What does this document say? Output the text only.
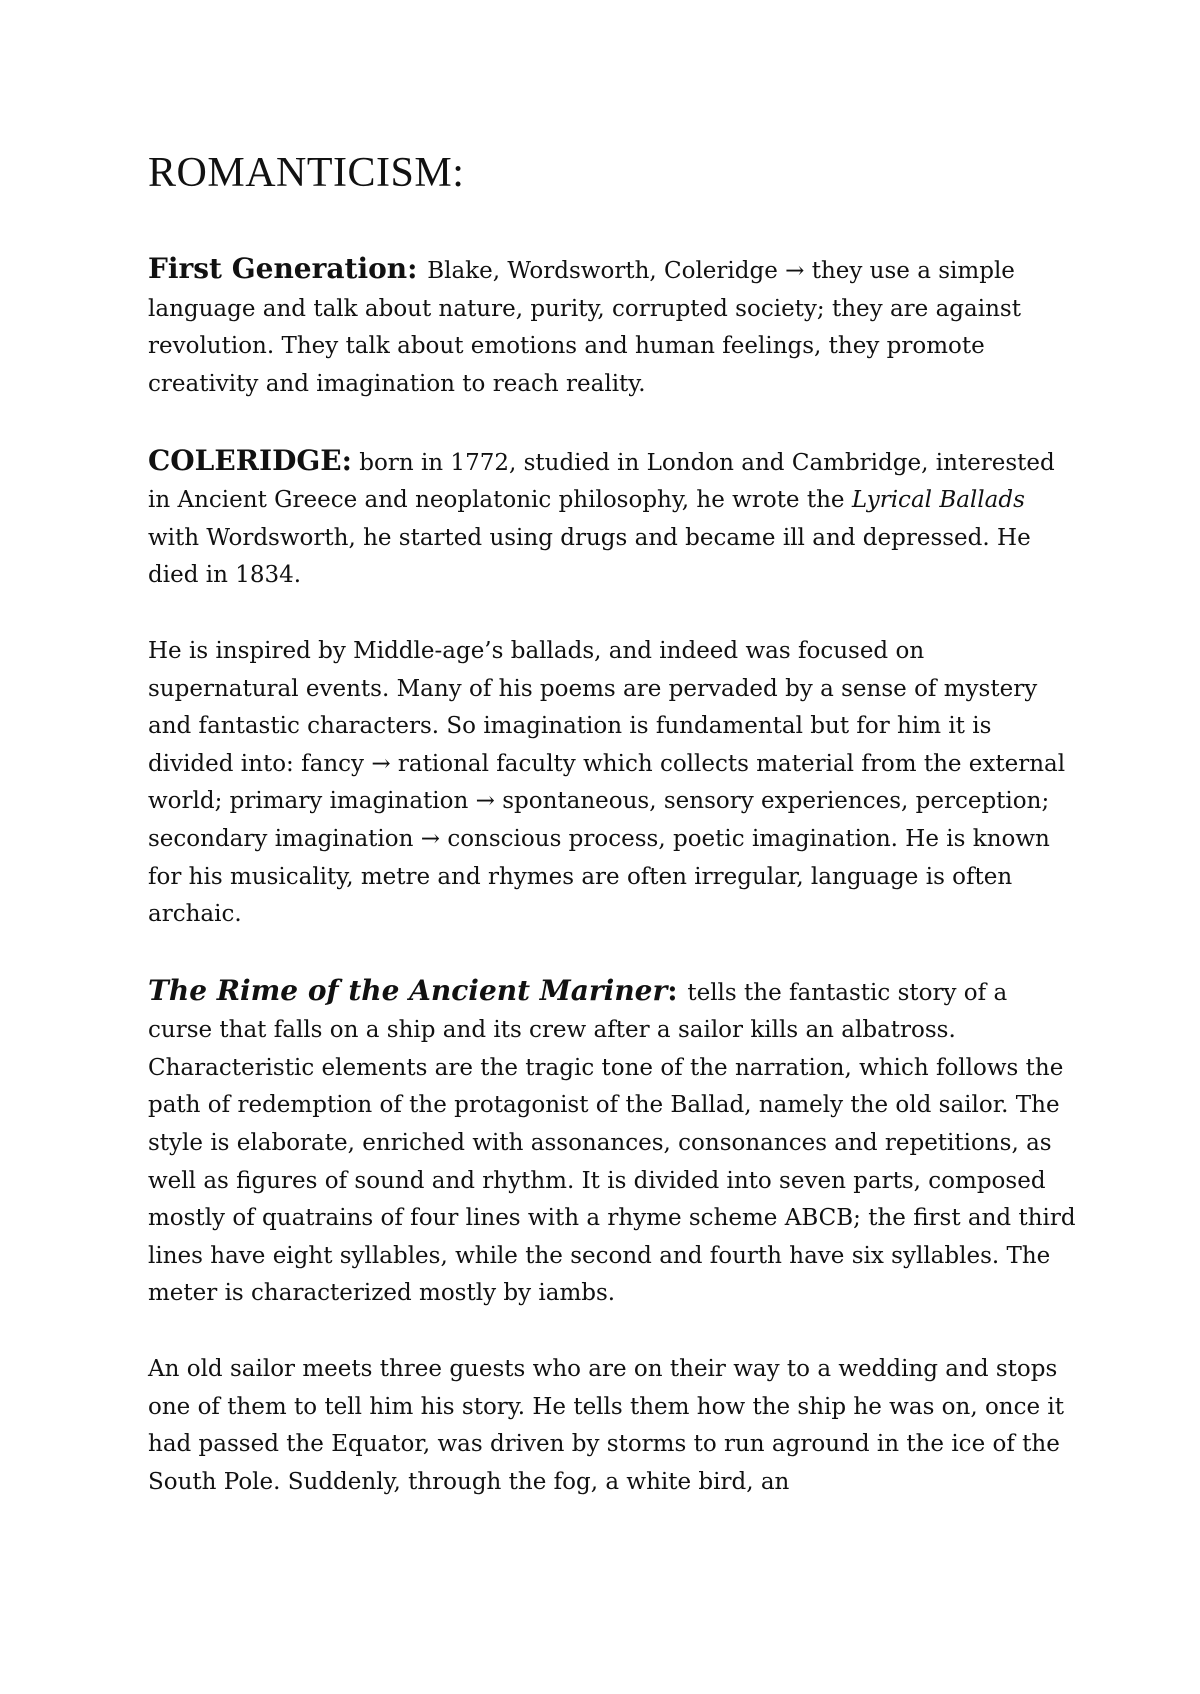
ROMANTICISM:

First Generation: Blake, Wordsworth, Coleridge → they use a simple language and talk about nature, purity, corrupted society; they are against revolution. They talk about emotions and human feelings, they promote creativity and imagination to reach reality.

COLERIDGE: born in 1772, studied in London and Cambridge, interested in Ancient Greece and neoplatonic philosophy, he wrote the Lyrical Ballads with Wordsworth, he started using drugs and became ill and depressed. He died in 1834.

He is inspired by Middle-age’s ballads, and indeed was focused on supernatural events. Many of his poems are pervaded by a sense of mystery and fantastic characters. So imagination is fundamental but for him it is divided into: fancy → rational faculty which collects material from the external world; primary imagination → spontaneous, sensory experiences, perception; secondary imagination → conscious process, poetic imagination. He is known for his musicality, metre and rhymes are often irregular, language is often archaic.

The Rime of the Ancient Mariner: tells the fantastic story of a curse that falls on a ship and its crew after a sailor kills an albatross. Characteristic elements are the tragic tone of the narration, which follows the path of redemption of the protagonist of the Ballad, namely the old sailor. The style is elaborate, enriched with assonances, consonances and repetitions, as well as figures of sound and rhythm. It is divided into seven parts, composed mostly of quatrains of four lines with a rhyme scheme ABCB; the first and third lines have eight syllables, while the second and fourth have six syllables. The meter is characterized mostly by iambs.

An old sailor meets three guests who are on their way to a wedding and stops one of them to tell him his story. He tells them how the ship he was on, once it had passed the Equator, was driven by storms to run aground in the ice of the South Pole. Suddenly, through the fog, a white bird, an
